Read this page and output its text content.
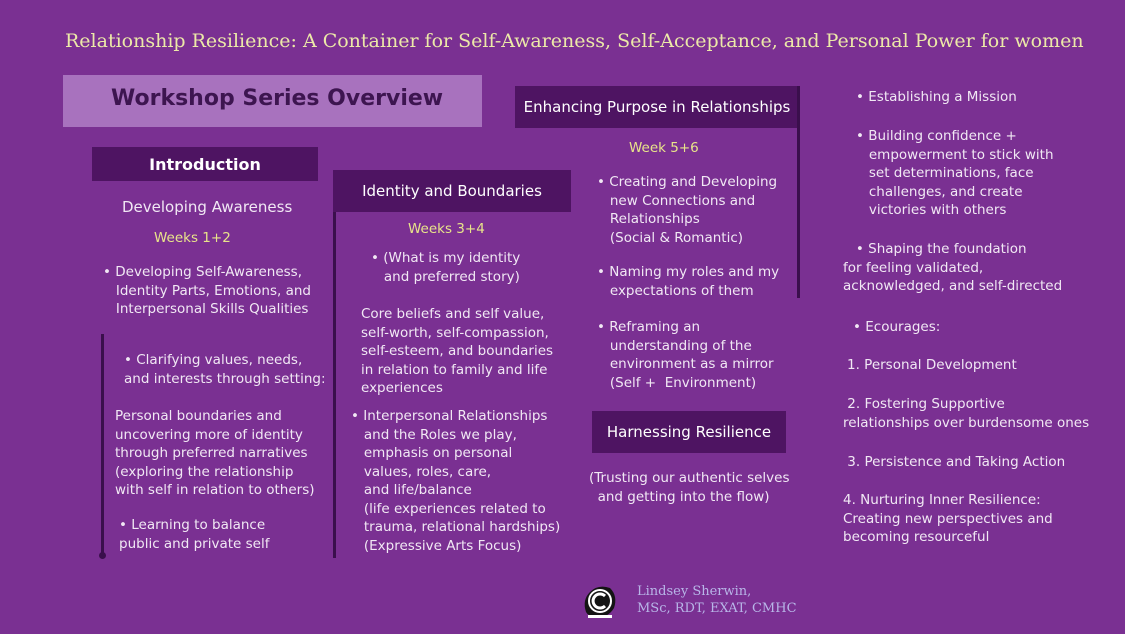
Relationship Resilience: A Container for Self-Awareness, Self-Acceptance, and Personal Power for women
Workshop Series Overview
Introduction
Developing Awareness
Weeks 1+2
• Developing Self-Awareness,
Identity Parts, Emotions, and
Interpersonal Skills Qualities
• Clarifying values, needs,
and interests through setting:
Personal boundaries and
uncovering more of identity
through preferred narratives
(exploring the relationship
with self in relation to others)
• Learning to balance
public and private self
Identity and Boundaries
Weeks 3+4
• (What is my identity
and preferred story)
Core beliefs and self value,
self-worth, self-compassion,
self-esteem, and boundaries
in relation to family and life
experiences
• Interpersonal Relationships
and the Roles we play,
emphasis on personal
values, roles, care,
and life/balance
(life experiences related to
trauma, relational hardships)
(Expressive Arts Focus)
Enhancing Purpose in Relationships
Week 5+6
• Creating and Developing
new Connections and
Relationships
(Social & Romantic)
• Naming my roles and my
expectations of them
• Reframing an
understanding of the
environment as a mirror
(Self +  Environment)
Harnessing Resilience
(Trusting our authentic selves
and getting into the flow)
• Establishing a Mission
• Building confidence +
empowerment to stick with
set determinations, face
challenges, and create
victories with others
• Shaping the foundation
for feeling validated,
acknowledged, and self-directed
• Ecourages:
1. Personal Development
2. Fostering Supportive
relationships over burdensome ones
3. Persistence and Taking Action
4. Nurturing Inner Resilience:
Creating new perspectives and
becoming resourceful
Lindsey Sherwin,
MSc, RDT, EXAT, CMHC
